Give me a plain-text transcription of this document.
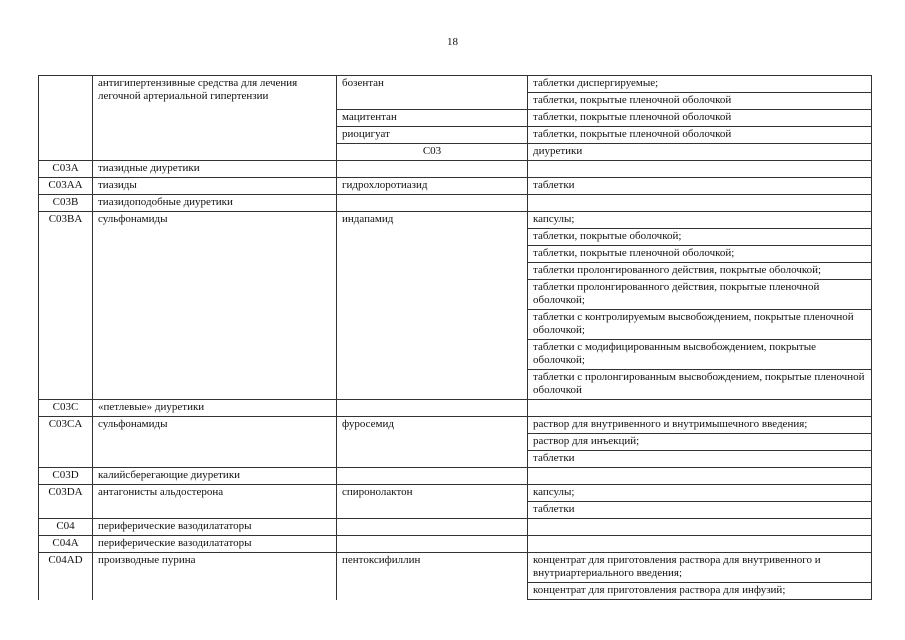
18
	антигипертензивные средства для лечения легочной артериальной гипертензии	бозентан	таблетки диспергируемые;	
			таблетки, покрытые пленочной оболочкой	
		мацитентан	таблетки, покрытые пленочной оболочкой	
		риоцигуат	таблетки, покрытые пленочной оболочкой	
		C03	диуретики		
C03A	тиазидные диуретики			
C03AA	тиазиды	гидрохлоротиазид	таблетки	
C03B	тиазидоподобные диуретики			
C03BA	сульфонамиды	индапамид	капсулы;	
			таблетки, покрытые оболочкой;	
			таблетки, покрытые пленочной оболочкой;	
			таблетки пролонгированного действия, покрытые оболочкой;	
			таблетки пролонгированного действия, покрытые пленочной оболочкой;	
			таблетки с контролируемым высвобождением, покрытые пленочной оболочкой;	
			таблетки с модифицированным высвобождением, покрытые оболочкой;	
			таблетки с пролонгированным высвобождением, покрытые пленочной оболочкой	
C03C	«петлевые» диуретики			
C03CA	сульфонамиды	фуросемид	раствор для внутривенного и внутримышечного введения;	
			раствор для инъекций;	
			таблетки	
C03D	калийсберегающие диуретики			
C03DA	антагонисты альдостерона	спиронолактон	капсулы;	
			таблетки	
C04	периферические вазодилататоры			
C04A	периферические вазодилататоры			
C04AD	производные пурина	пентоксифиллин	концентрат для приготовления раствора для внутривенного и внутриартериального введения;	
			концентрат для приготовления раствора для инфузий;	
